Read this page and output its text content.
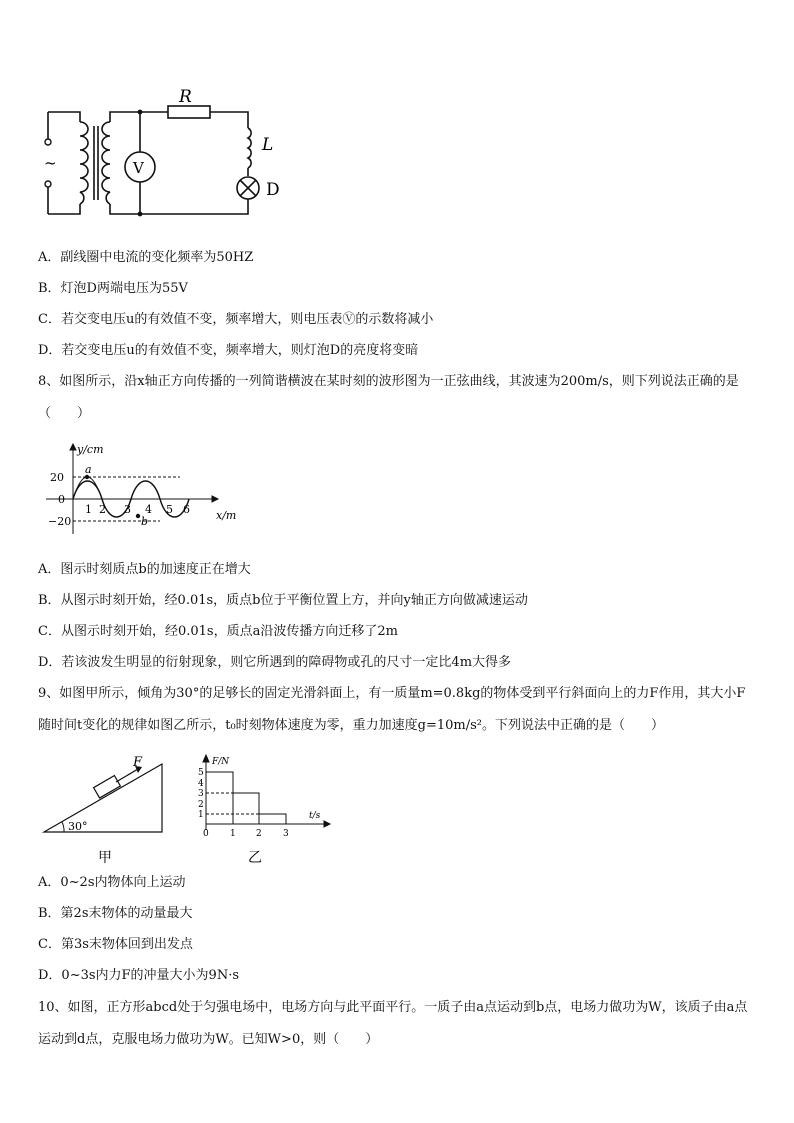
~	V
R
L
D
A．副线圈中电流的变化频率为50HZ
B．灯泡D两端电压为55V
C．若交变电压u的有效值不变，频率增大，则电压表Ⓥ的示数将减小
D．若交变电压u的有效值不变，频率增大，则灯泡D的亮度将变暗
8、如图所示，沿x轴正方向传播的一列简谐横波在某时刻的波形图为一正弦曲线，其波速为200m/s，则下列说法正确的是（　　）
y/cm
x/m
20
0
−20
1 2 3 4 5 6
a
b
A．图示时刻质点b的加速度正在增大
B．从图示时刻开始，经0.01s，质点b位于平衡位置上方，并向y轴正方向做减速运动
C．从图示时刻开始，经0.01s，质点a沿波传播方向迁移了2m
D．若该波发生明显的衍射现象，则它所遇到的障碍物或孔的尺寸一定比4m大得多
9、如图甲所示，倾角为30°的足够长的固定光滑斜面上，有一质量m=0.8kg的物体受到平行斜面向上的力F作用，其大小F随时间t变化的规律如图乙所示，t₀时刻物体速度为零，重力加速度g=10m/s²。下列说法中正确的是（　　）
F
30°
甲
F/N
t/s
5
4
3
2
1
0 1 2 3
乙
A．0~2s内物体向上运动
B．第2s末物体的动量最大
C．第3s末物体回到出发点
D．0~3s内力F的冲量大小为9N·s
10、如图，正方形abcd处于匀强电场中，电场方向与此平面平行。一质子由a点运动到b点，电场力做功为W，该质子由a点运动到d点，克服电场力做功为W。已知W>0，则（　　）
